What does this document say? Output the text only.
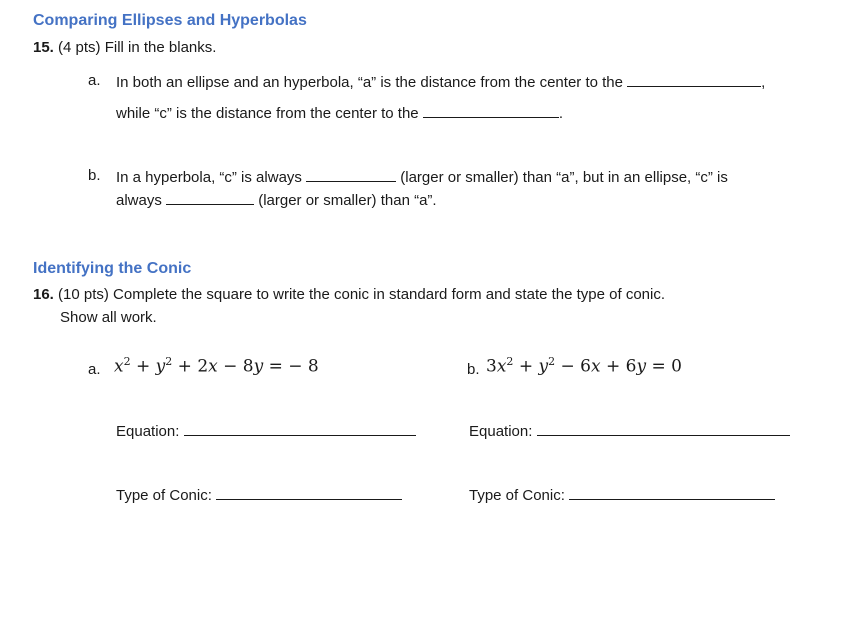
Comparing Ellipses and Hyperbolas
15. (4 pts) Fill in the blanks.
a. In both an ellipse and an hyperbola, “a” is the distance from the center to the	,
while “c” is the distance from the center to the	.
b. In a hyperbola, “c” is always	(larger or smaller) than “a”, but in an ellipse, “c” is
always	(larger or smaller) than “a”.
Identifying the Conic
16. (10 pts) Complete the square to write the conic in standard form and state the type of conic.
Show all work.
a. $x^2 + y^2 + 2x - 8y$ = − 8	b. $3x^2 + y^2 - 6x + 6y = 0$
Equation:	Equation:
Type of Conic:	Type of Conic:
